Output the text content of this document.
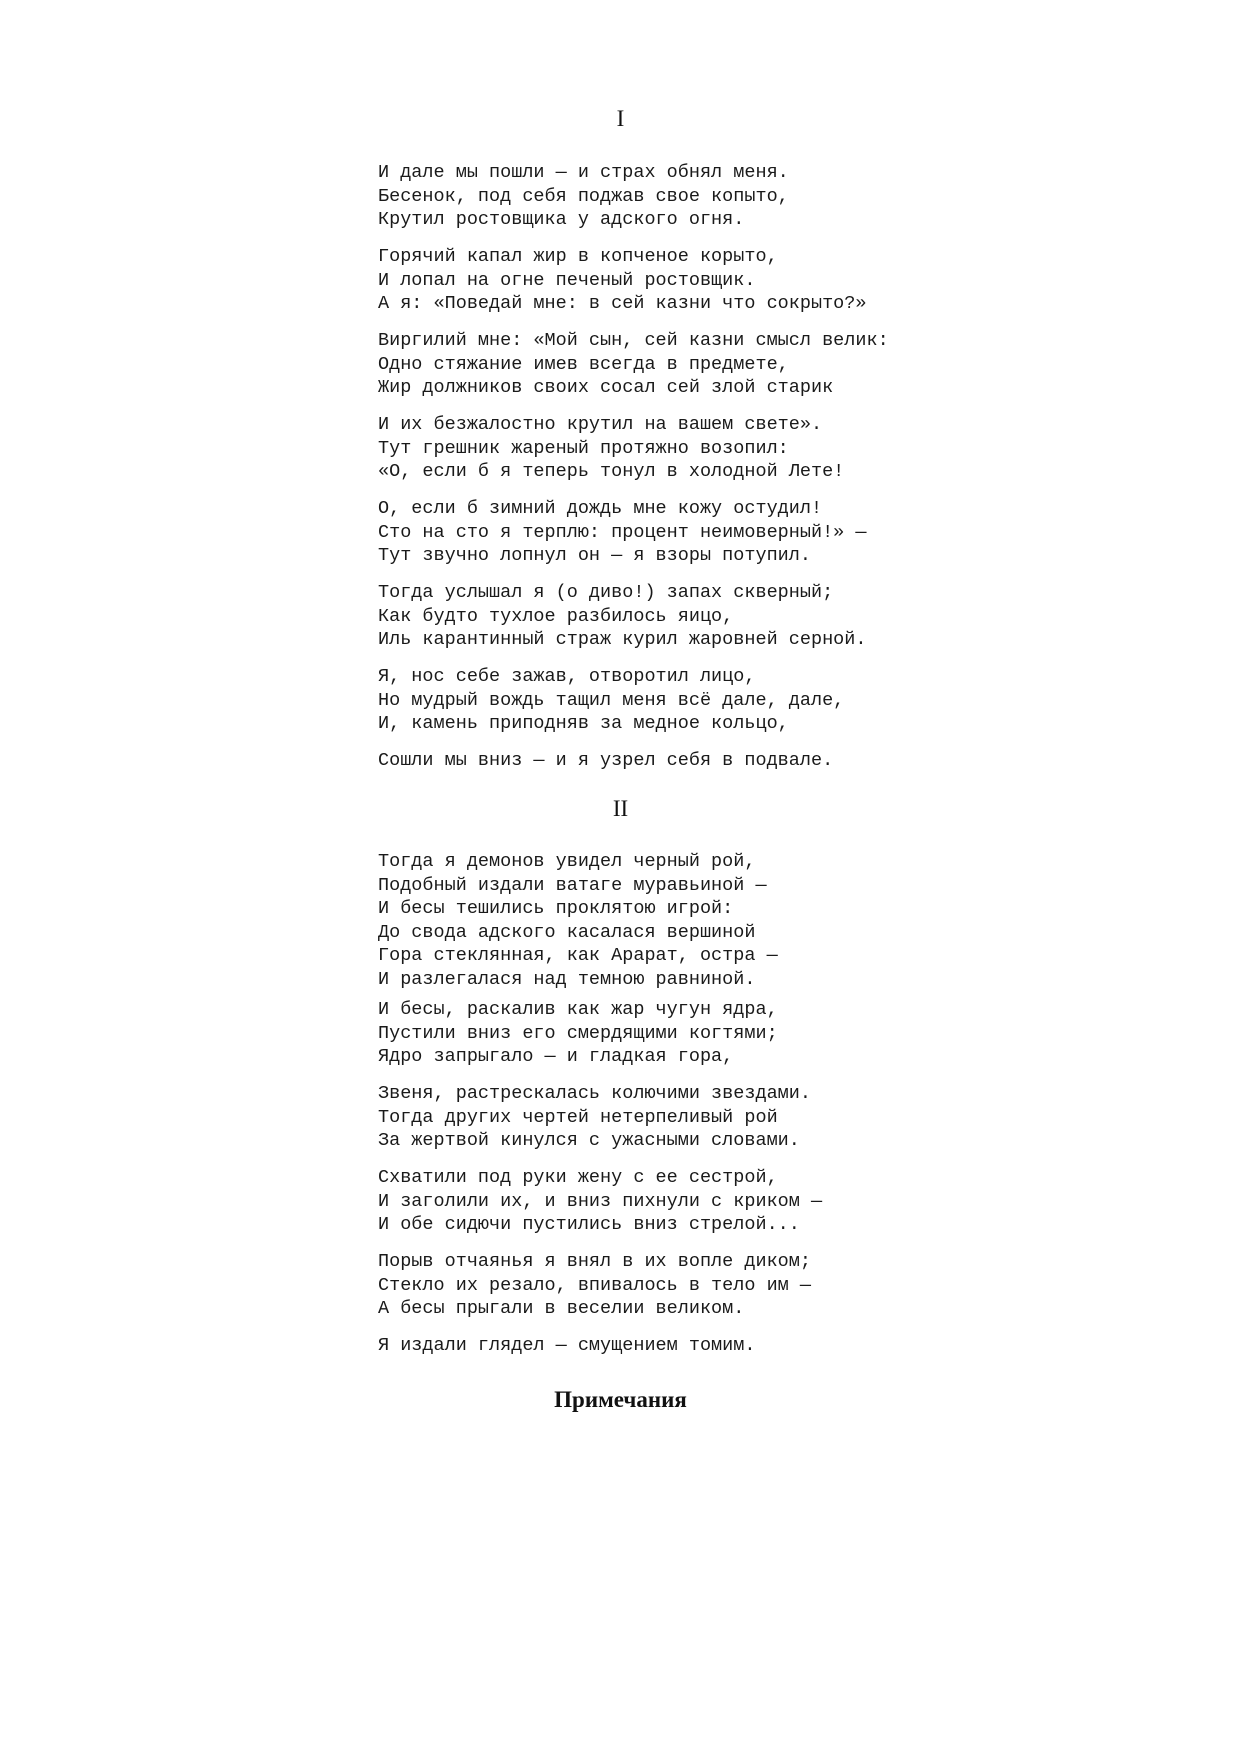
I
И дале мы пошли — и страх обнял меня.
Бесенок, под себя поджав свое копыто,
Крутил ростовщика у адского огня.
Горячий капал жир в копченое корыто,
И лопал на огне печеный ростовщик.
А я: «Поведай мне: в сей казни что сокрыто?»
Виргилий мне: «Мой сын, сей казни смысл велик:
Одно стяжание имев всегда в предмете,
Жир должников своих сосал сей злой старик
И их безжалостно крутил на вашем свете».
Тут грешник жареный протяжно возопил:
«О, если б я теперь тонул в холодной Лете!
О, если б зимний дождь мне кожу остудил!
Сто на сто я терплю: процент неимоверный!» —
Тут звучно лопнул он — я взоры потупил.
Тогда услышал я (о диво!) запах скверный;
Как будто тухлое разбилось яицо,
Иль карантинный страж курил жаровней серной.
Я, нос себе зажав, отворотил лицо,
Но мудрый вождь тащил меня всё дале, дале,
И, камень приподняв за медное кольцо,
Сошли мы вниз — и я узрел себя в подвале.
II
Тогда я демонов увидел черный рой,
Подобный издали ватаге муравьиной —
И бесы тешились проклятою игрой:
До свода адского касалася вершиной
Гора стеклянная, как Арарат, остра —
И разлегалася над темною равниной.
И бесы, раскалив как жар чугун ядра,
Пустили вниз его смердящими когтями;
Ядро запрыгало — и гладкая гора,
Звеня, растрескалась колючими звездами.
Тогда других чертей нетерпеливый рой
За жертвой кинулся с ужасными словами.
Схватили под руки жену с ее сестрой,
И заголили их, и вниз пихнули с криком —
И обе сидючи пустились вниз стрелой...
Порыв отчаянья я внял в их вопле диком;
Стекло их резало, впивалось в тело им —
А бесы прыгали в веселии великом.
Я издали глядел — смущением томим.
Примечания
